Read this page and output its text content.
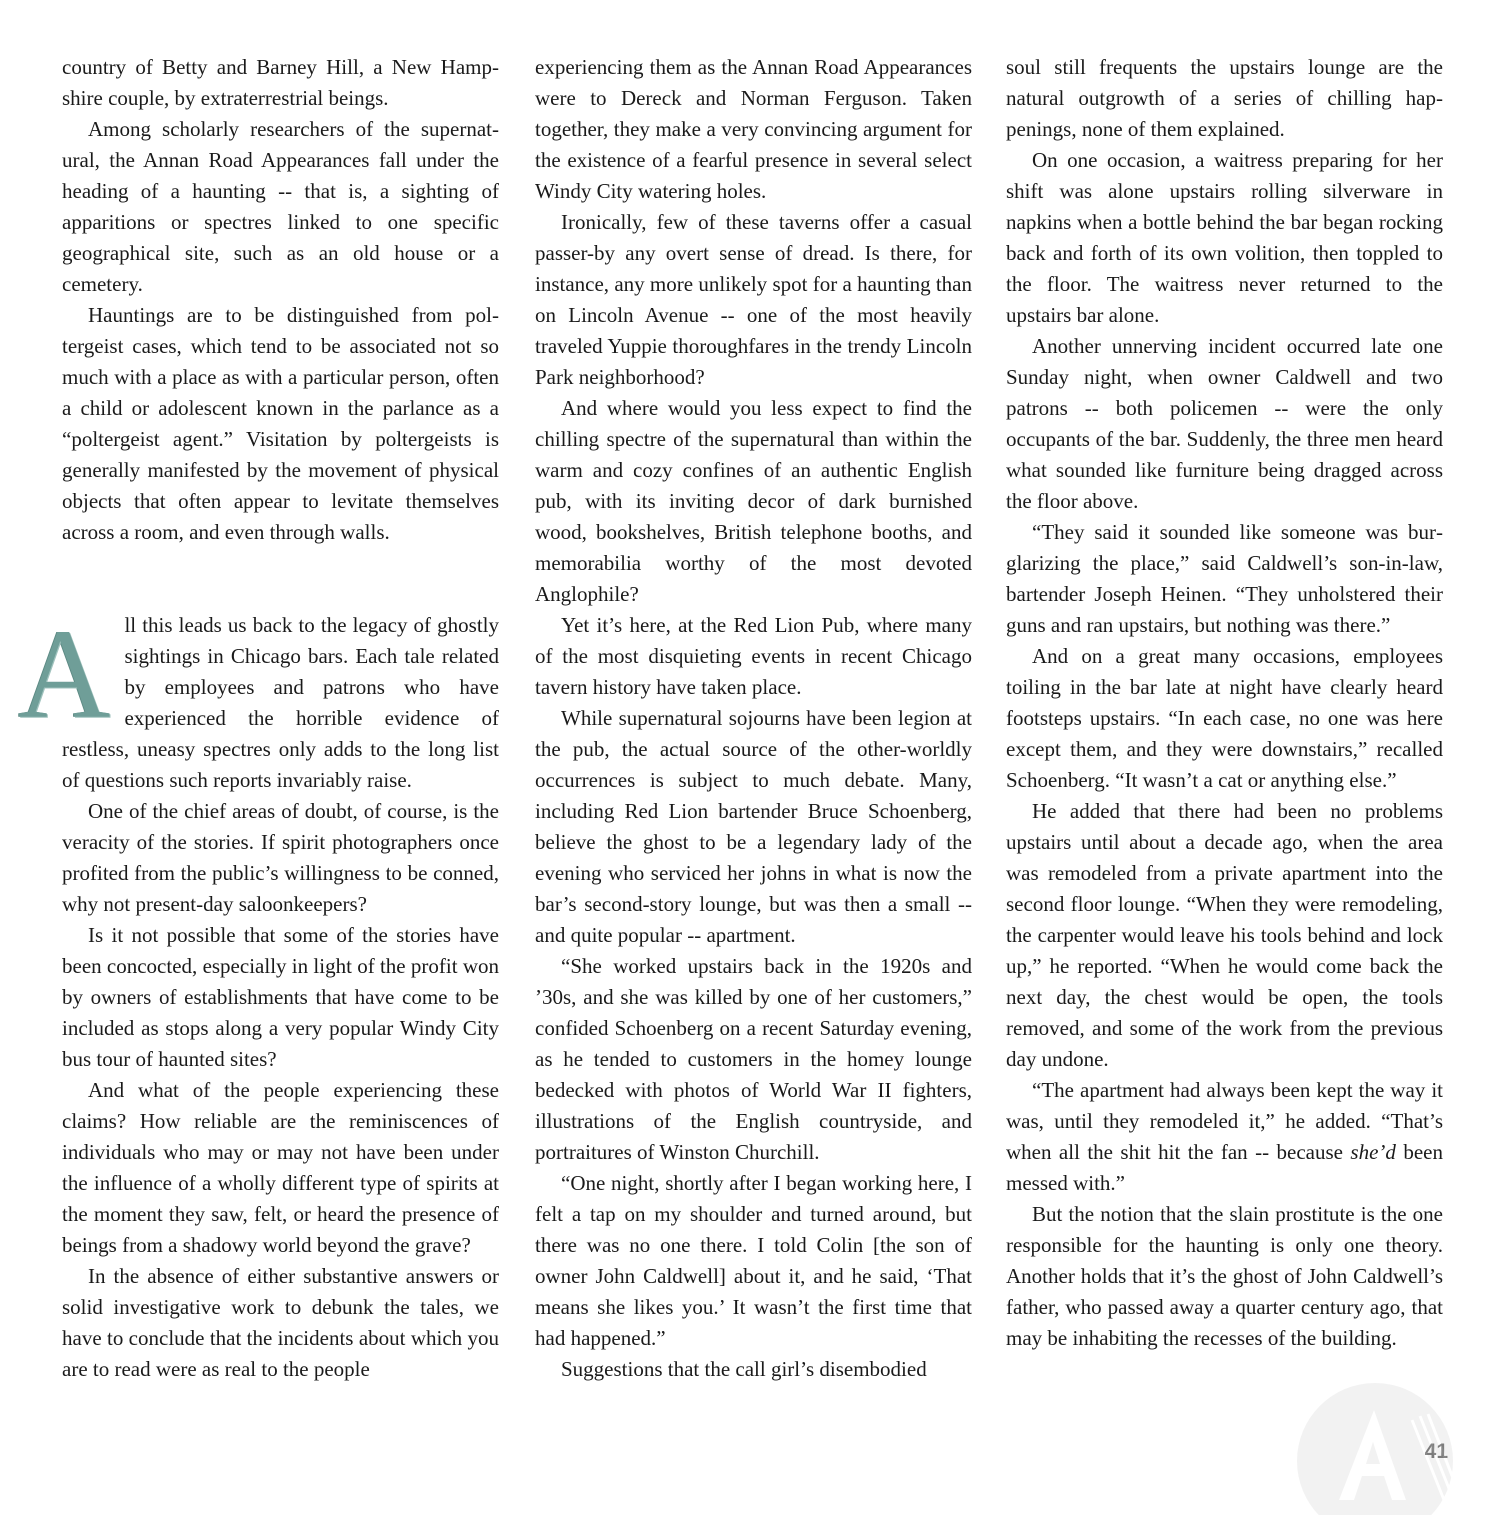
country of Betty and Barney Hill, a New Hampshire couple, by extraterrestrial beings.

Among scholarly researchers of the supernatural, the Annan Road Appearances fall under the heading of a haunting -- that is, a sighting of apparitions or spectres linked to one specific geographical site, such as an old house or a cemetery.

Hauntings are to be distinguished from poltergeist cases, which tend to be associated not so much with a place as with a particular person, often a child or adolescent known in the parlance as a “poltergeist agent.” Visitation by poltergeists is generally manifested by the movement of physical objects that often appear to levitate themselves across a room, and even through walls.

A ll this leads us back to the legacy of ghostly sightings in Chicago bars. Each tale related by employees and patrons who have experienced the horrible evidence of restless, uneasy spectres only adds to the long list of questions such reports invariably raise.

One of the chief areas of doubt, of course, is the veracity of the stories. If spirit photographers once profited from the public’s willingness to be conned, why not present-day saloonkeepers?

Is it not possible that some of the stories have been concocted, especially in light of the profit won by owners of establishments that have come to be included as stops along a very popular Windy City bus tour of haunted sites?

And what of the people experiencing these claims? How reliable are the reminiscences of individuals who may or may not have been under the influence of a wholly different type of spirits at the moment they saw, felt, or heard the presence of beings from a shadowy world beyond the grave?

In the absence of either substantive answers or solid investigative work to debunk the tales, we have to conclude that the incidents about which you are to read were as real to the people

experiencing them as the Annan Road Appearances were to Dereck and Norman Ferguson. Taken together, they make a very convincing argument for the existence of a fearful presence in several select Windy City watering holes.

Ironically, few of these taverns offer a casual passer-by any overt sense of dread. Is there, for instance, any more unlikely spot for a haunting than on Lincoln Avenue -- one of the most heavily traveled Yuppie thoroughfares in the trendy Lincoln Park neighborhood?

And where would you less expect to find the chilling spectre of the supernatural than within the warm and cozy confines of an authentic English pub, with its inviting decor of dark burnished wood, bookshelves, British telephone booths, and memorabilia worthy of the most devoted Anglophile?

Yet it’s here, at the Red Lion Pub, where many of the most disquieting events in recent Chicago tavern history have taken place.

While supernatural sojourns have been legion at the pub, the actual source of the other-worldly occurrences is subject to much debate. Many, including Red Lion bartender Bruce Schoenberg, believe the ghost to be a legendary lady of the evening who serviced her johns in what is now the bar’s second-story lounge, but was then a small -- and quite popular -- apartment.

“She worked upstairs back in the 1920s and ’30s, and she was killed by one of her customers,” confided Schoenberg on a recent Saturday evening, as he tended to customers in the homey lounge bedecked with photos of World War II fighters, illustrations of the English countryside, and portraitures of Winston Churchill.

“One night, shortly after I began working here, I felt a tap on my shoulder and turned around, but there was no one there. I told Colin [the son of owner John Caldwell] about it, and he said, ‘That means she likes you.’ It wasn’t the first time that had happened.”

Suggestions that the call girl’s disembodied

soul still frequents the upstairs lounge are the natural outgrowth of a series of chilling happenings, none of them explained.

On one occasion, a waitress preparing for her shift was alone upstairs rolling silverware in napkins when a bottle behind the bar began rocking back and forth of its own volition, then toppled to the floor. The waitress never returned to the upstairs bar alone.

Another unnerving incident occurred late one Sunday night, when owner Caldwell and two patrons -- both policemen -- were the only occupants of the bar. Suddenly, the three men heard what sounded like furniture being dragged across the floor above.

“They said it sounded like someone was burglarizing the place,” said Caldwell’s son-in-law, bartender Joseph Heinen. “They unholstered their guns and ran upstairs, but nothing was there.”

And on a great many occasions, employees toiling in the bar late at night have clearly heard footsteps upstairs. “In each case, no one was here except them, and they were downstairs,” recalled Schoenberg. “It wasn’t a cat or anything else.”

He added that there had been no problems upstairs until about a decade ago, when the area was remodeled from a private apartment into the second floor lounge. “When they were remodeling, the carpenter would leave his tools behind and lock up,” he reported. “When he would come back the next day, the chest would be open, the tools removed, and some of the work from the previous day undone.

“The apartment had always been kept the way it was, until they remodeled it,” he added. “That’s when all the shit hit the fan -- because she’d been messed with.”

But the notion that the slain prostitute is the one responsible for the haunting is only one theory. Another holds that it’s the ghost of John Caldwell’s father, who passed away a quarter century ago, that may be inhabiting the recesses of the building.
